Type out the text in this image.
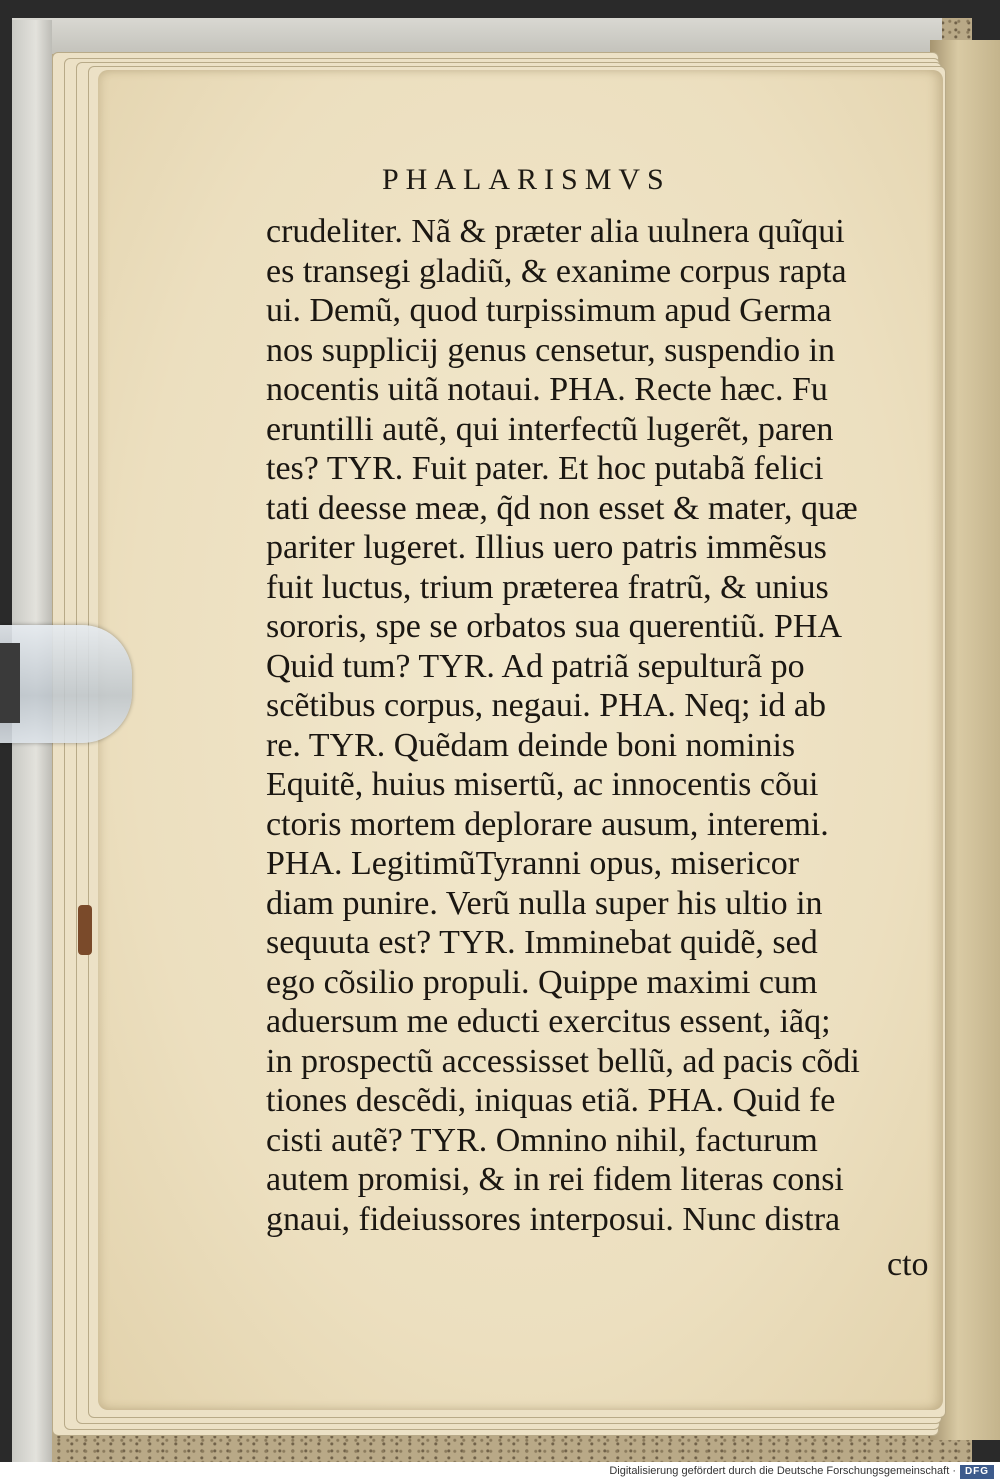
PHALARISMVS
crudeliter. Nã & præter alia uulnera quĩqui
es transegi gladiũ, & exanime corpus rapta
ui. Demũ, quod turpissimum apud Germa
nos supplicij genus censetur, suspendio in
nocentis uitã notaui. PHA. Recte hæc. Fu
eruntilli autẽ, qui interfectũ lugerẽt, paren
tes? TYR. Fuit pater. Et hoc putabã felici
tati deesse meæ, q̃d non esset & mater, quæ
pariter lugeret. Illius uero patris immẽsus
fuit luctus, trium præterea fratrũ, & unius
sororis, spe se orbatos sua querentiũ. PHA
Quid tum? TYR. Ad patriã sepulturã po
scẽtibus corpus, negaui. PHA. Neq; id ab
re. TYR. Quẽdam deinde boni nominis
Equitẽ, huius misertũ, ac innocentis cõui
ctoris mortem deplorare ausum, interemi.
PHA. LegitimũTyranni opus, misericor
diam punire. Verũ nulla super his ultio in
sequuta est? TYR. Imminebat quidẽ, sed
ego cõsilio propuli. Quippe maximi cum
aduersum me educti exercitus essent, iãq;
in prospectũ accessisset bellũ, ad pacis cõdi
tiones descẽdi, iniquas etiã. PHA. Quid fe
cisti autẽ? TYR. Omnino nihil, facturum
autem promisi, & in rei fidem literas consi
gnaui, fideiussores interposui. Nunc distra
cto
Digitalisierung gefördert durch die Deutsche Forschungsgemeinschaft · DFG
